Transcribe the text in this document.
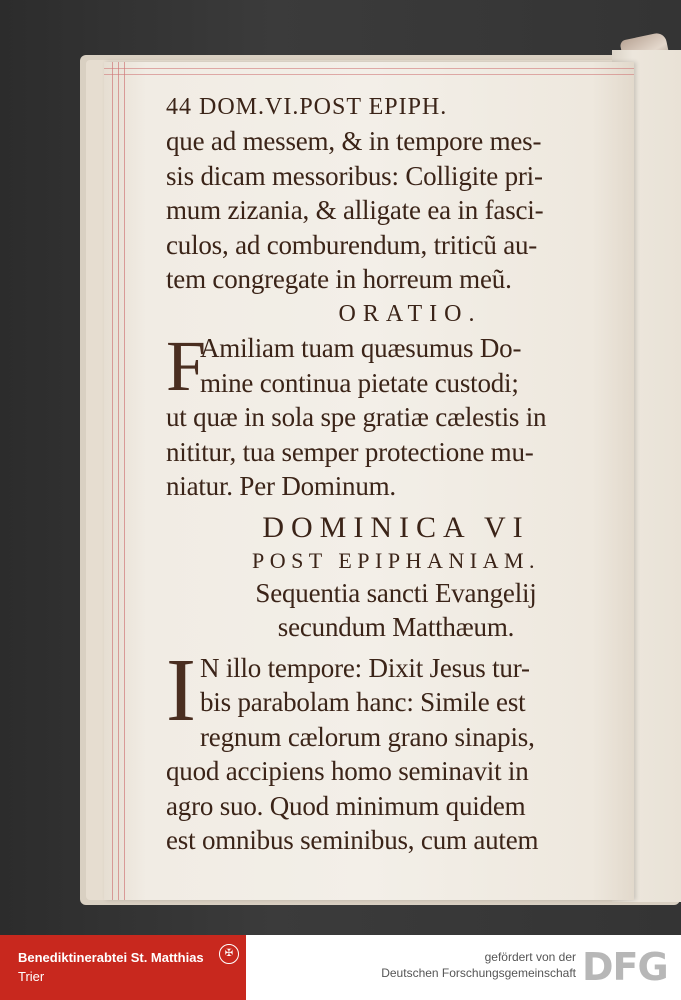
44 DOM.VI.POST EPIPH.
que ad messem, & in tempore mes-
sis dicam messoribus: Colligite pri-
mum zizania, & alligate ea in fasci-
culos, ad comburendum, triticũ au-
tem congregate in horreum meũ.
ORATIO.
F
Amiliam tuam quæsumus Do-
mine continua pietate custodi;
ut quæ in sola spe gratiæ cælestis in
nititur, tua semper protectione mu-
niatur. Per Dominum.
DOMINICA VI
POST EPIPHANIAM.
Sequentia sancti Evangelij
secundum Matthæum.
I N illo tempore: Dixit Jesus tur-
bis parabolam hanc: Simile est
regnum cælorum grano sinapis,
quod accipiens homo seminavit in
agro suo. Quod minimum quidem
est omnibus seminibus, cum autem
Benediktinerabtei St. Matthias
Trier
✠	gefördert von der
Deutschen Forschungsgemeinschaft DFG
